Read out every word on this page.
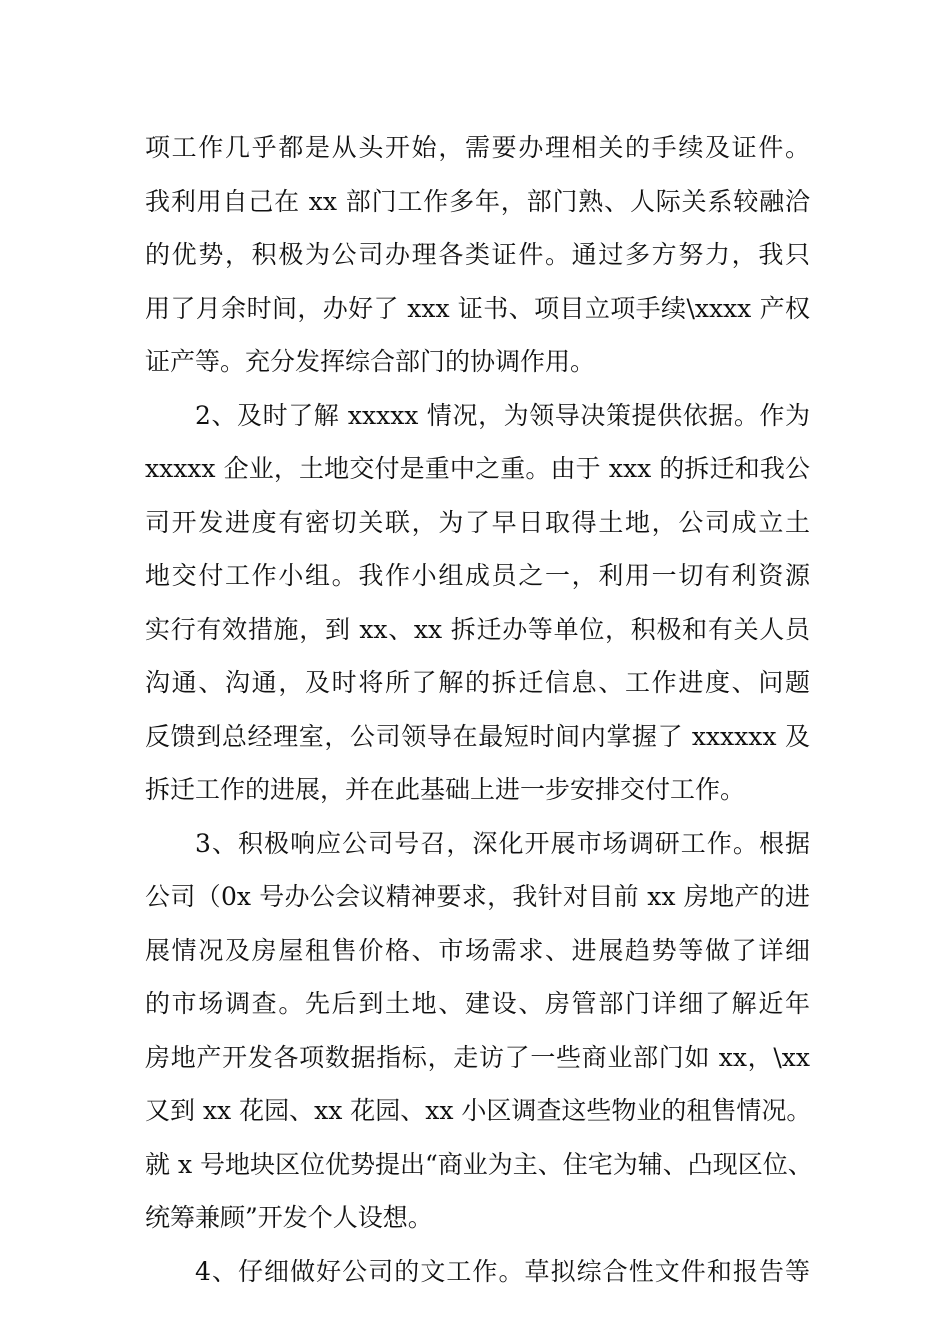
项工作几乎都是从头开始，需要办理相关的手续及证件。
我利用自己在 xx 部门工作多年，部门熟、人际关系较融洽
的优势，积极为公司办理各类证件。通过多方努力，我只
用了月余时间，办好了 xxx 证书、项目立项手续\xxxx 产权
证产等。充分发挥综合部门的协调作用。
2、及时了解 xxxxx 情况，为领导决策提供依据。作为
xxxxx 企业，土地交付是重中之重。由于 xxx 的拆迁和我公
司开发进度有密切关联，为了早日取得土地，公司成立土
地交付工作小组。我作小组成员之一，利用一切有利资源
实行有效措施，到 xx、xx 拆迁办等单位，积极和有关人员
沟通、沟通，及时将所了解的拆迁信息、工作进度、问题
反馈到总经理室，公司领导在最短时间内掌握了 xxxxxx 及
拆迁工作的进展，并在此基础上进一步安排交付工作。
3、积极响应公司号召，深化开展市场调研工作。根据
公司（0x 号办公会议精神要求，我针对目前 xx 房地产的进
展情况及房屋租售价格、市场需求、进展趋势等做了详细
的市场调查。先后到土地、建设、房管部门详细了解近年
房地产开发各项数据指标，走访了一些商业部门如 xx，\xx
又到 xx 花园、xx 花园、xx 小区调查这些物业的租售情况。
就 x 号地块区位优势提出“商业为主、住宅为辅、凸现区位、
统筹兼顾”开发个人设想。
4、仔细做好公司的文工作。草拟综合性文件和报告等
